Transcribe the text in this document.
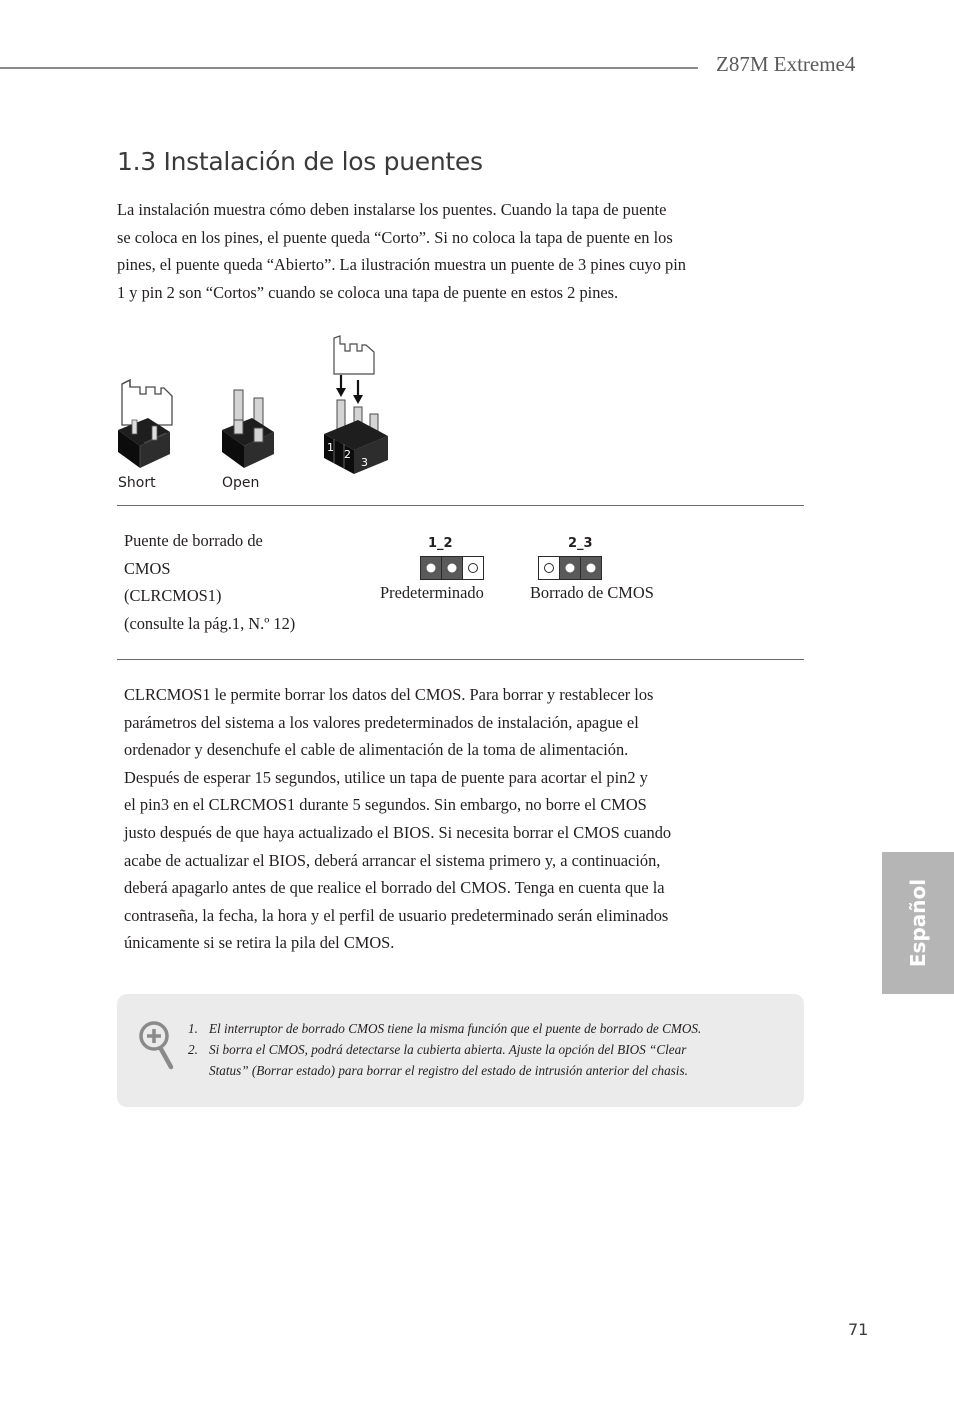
Z87M Extreme4
1.3 Instalación de los puentes

La instalación muestra cómo deben instalarse los puentes. Cuando la tapa de puente
se coloca en los pines, el puente queda “Corto”. Si no coloca la tapa de puente en los
pines, el puente queda “Abierto”. La ilustración muestra un puente de 3 pines cuyo pin
1 y pin 2 son “Cortos” cuando se coloca una tapa de puente en estos 2 pines.

Short	Open
1
2
3
Puente de borrado de
CMOS
(CLRCMOS1)
(consulte la pág.1, N.º 12)
1_2
Predeterminado
2_3
Borrado de CMOS

CLRCMOS1 le permite borrar los datos del CMOS. Para borrar y restablecer los
parámetros del sistema a los valores predeterminados de instalación, apague el
ordenador y desenchufe el cable de alimentación de la toma de alimentación.
Después de esperar 15 segundos, utilice un tapa de puente para acortar el pin2 y
el pin3 en el CLRCMOS1 durante 5 segundos. Sin embargo, no borre el CMOS
justo después de que haya actualizado el BIOS. Si necesita borrar el CMOS cuando
acabe de actualizar el BIOS, deberá arrancar el sistema primero y, a continuación,
deberá apagarlo antes de que realice el borrado del CMOS. Tenga en cuenta que la
contraseña, la fecha, la hora y el perfil de usuario predeterminado serán eliminados
únicamente si se retira la pila del CMOS.

1. El interruptor de borrado CMOS tiene la misma función que el puente de borrado de CMOS.
2. Si borra el CMOS, podrá detectarse la cubierta abierta. Ajuste la opción del BIOS “Clear
Status” (Borrar estado) para borrar el registro del estado de intrusión anterior del chasis.
Español
71
